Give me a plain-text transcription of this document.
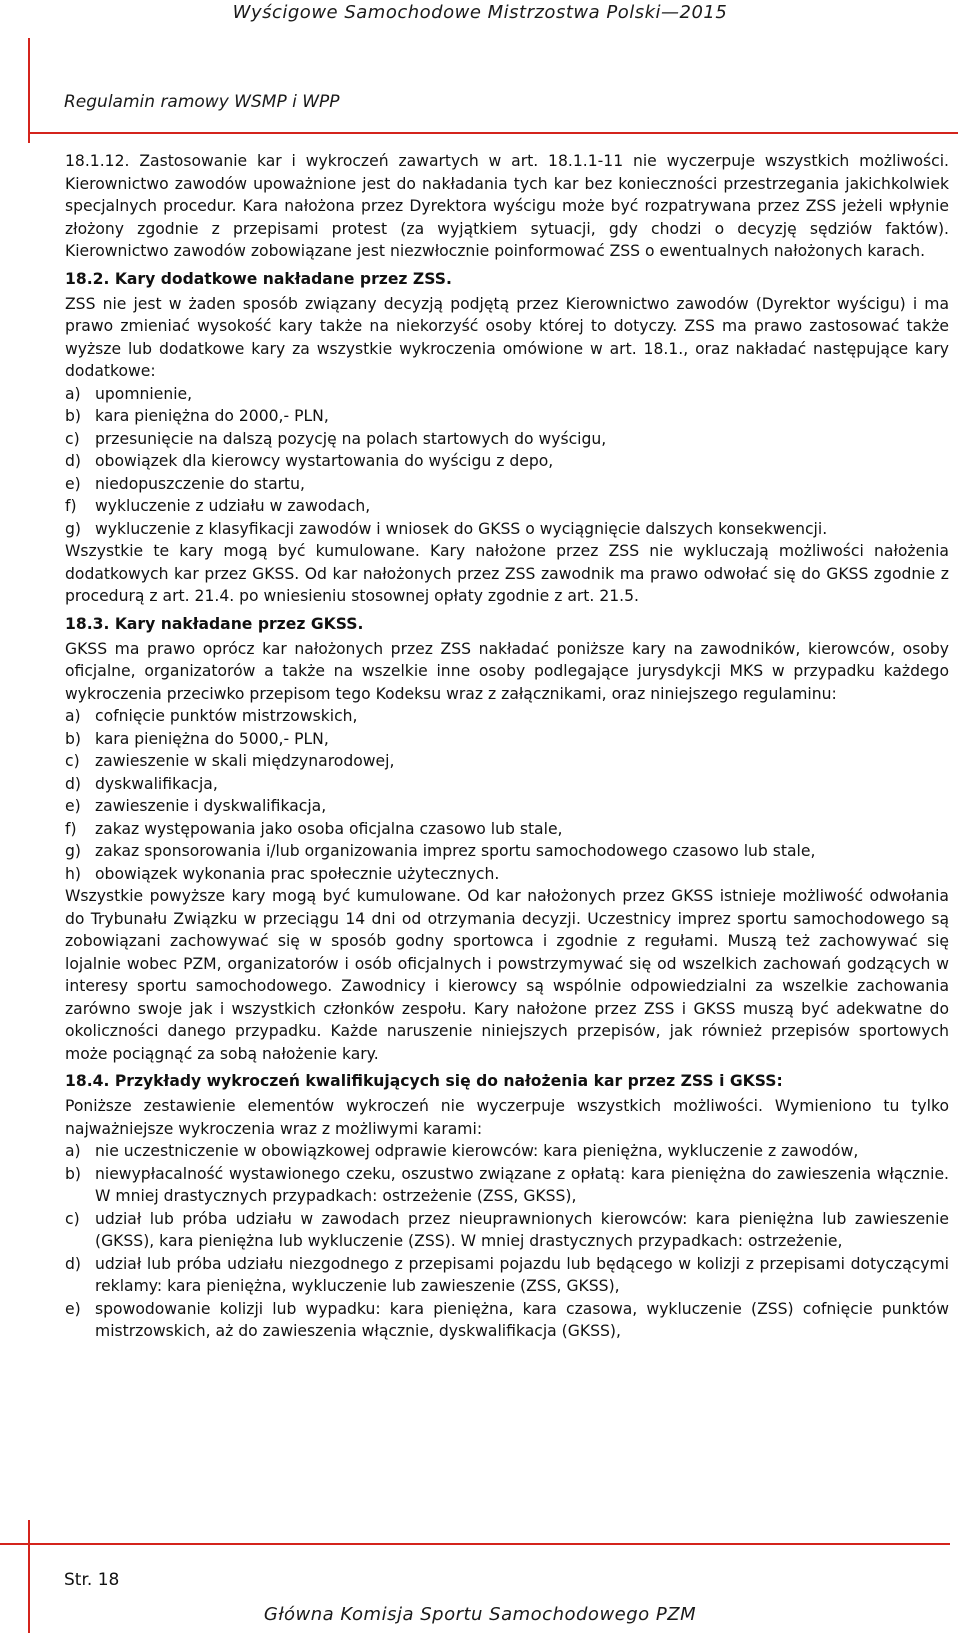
Wyścigowe Samochodowe Mistrzostwa Polski—2015
Regulamin ramowy WSMP i WPP

18.1.12. Zastosowanie kar i wykroczeń zawartych w art. 18.1.1-11 nie wyczerpuje wszystkich możliwości. Kierownictwo zawodów upoważnione jest do nakładania tych kar bez konieczności przestrzegania jakichkolwiek specjalnych procedur. Kara nałożona przez Dyrektora wyścigu może być rozpatrywana przez ZSS jeżeli wpłynie złożony zgodnie z przepisami protest (za wyjątkiem sytuacji, gdy chodzi o decyzję sędziów faktów). Kierownictwo zawodów zobowiązane jest niezwłocznie poinformować ZSS o ewentualnych nałożonych karach.

18.2. Kary dodatkowe nakładane przez ZSS.

ZSS nie jest w żaden sposób związany decyzją podjętą przez Kierownictwo zawodów (Dyrektor wyścigu) i ma prawo zmieniać wysokość kary także na niekorzyść osoby której to dotyczy. ZSS ma prawo zastosować także wyższe lub dodatkowe kary za wszystkie wykroczenia omówione w art. 18.1., oraz nakładać następujące kary dodatkowe:

a) upomnienie,
b) kara pieniężna do 2000,- PLN,
c) przesunięcie na dalszą pozycję na polach startowych do wyścigu,
d) obowiązek dla kierowcy wystartowania do wyścigu z depo,
e) niedopuszczenie do startu,
f)	wykluczenie z udziału w zawodach,
g) wykluczenie z klasyfikacji zawodów i wniosek do GKSS o wyciągnięcie dalszych konsekwencji.

Wszystkie te kary mogą być kumulowane. Kary nałożone przez ZSS nie wykluczają możliwości nałożenia dodatkowych kar przez GKSS. Od kar nałożonych przez ZSS zawodnik ma prawo odwołać się do GKSS zgodnie z procedurą z art. 21.4. po wniesieniu stosownej opłaty zgodnie z art. 21.5.

18.3. Kary nakładane przez GKSS.

GKSS ma prawo oprócz kar nałożonych przez ZSS nakładać poniższe kary na zawodników, kierowców, osoby oficjalne, organizatorów a także na wszelkie inne osoby podlegające jurysdykcji MKS w przypadku każdego wykroczenia przeciwko przepisom tego Kodeksu wraz z załącznikami, oraz niniejszego regulaminu:

a) cofnięcie punktów mistrzowskich,
b) kara pieniężna do 5000,- PLN,
c) zawieszenie w skali międzynarodowej,
d) dyskwalifikacja,
e) zawieszenie i dyskwalifikacja,
f)	zakaz występowania jako osoba oficjalna czasowo lub stale,
g) zakaz sponsorowania i/lub organizowania imprez sportu samochodowego czasowo lub stale,
h) obowiązek wykonania prac społecznie użytecznych.

Wszystkie powyższe kary mogą być kumulowane. Od kar nałożonych przez GKSS istnieje możliwość odwołania do Trybunału Związku w przeciągu 14 dni od otrzymania decyzji. Uczestnicy imprez sportu samochodowego są zobowiązani zachowywać się w sposób godny sportowca i zgodnie z regułami. Muszą też zachowywać się lojalnie wobec PZM, organizatorów i osób oficjalnych i powstrzymywać się od wszelkich zachowań godzących w interesy sportu samochodowego. Zawodnicy i kierowcy są wspólnie odpowiedzialni za wszelkie zachowania zarówno swoje jak i wszystkich członków zespołu. Kary nałożone przez ZSS i GKSS muszą być adekwatne do okoliczności danego przypadku. Każde naruszenie niniejszych przepisów, jak również przepisów sportowych może pociągnąć za sobą nałożenie kary.

18.4. Przykłady wykroczeń kwalifikujących się do nałożenia kar przez ZSS i GKSS:

Poniższe zestawienie elementów wykroczeń nie wyczerpuje wszystkich możliwości. Wymieniono tu tylko najważniejsze wykroczenia wraz z możliwymi karami:

a) nie uczestniczenie w obowiązkowej odprawie kierowców: kara pieniężna, wykluczenie z zawodów,
b) niewypłacalność wystawionego czeku, oszustwo związane z opłatą: kara pieniężna do zawieszenia włącznie. W mniej drastycznych przypadkach: ostrzeżenie (ZSS, GKSS),
c) udział lub próba udziału w zawodach przez nieuprawnionych kierowców: kara pieniężna lub zawieszenie (GKSS), kara pieniężna lub wykluczenie (ZSS). W mniej drastycznych przypadkach: ostrzeżenie,
d) udział lub próba udziału niezgodnego z przepisami pojazdu lub będącego w kolizji z przepisami dotyczącymi reklamy: kara pieniężna, wykluczenie lub zawieszenie (ZSS, GKSS),
e) spowodowanie kolizji lub wypadku: kara pieniężna, kara czasowa, wykluczenie (ZSS) cofnięcie punktów mistrzowskich, aż do zawieszenia włącznie, dyskwalifikacja (GKSS),
Str. 18
Główna Komisja Sportu Samochodowego PZM
